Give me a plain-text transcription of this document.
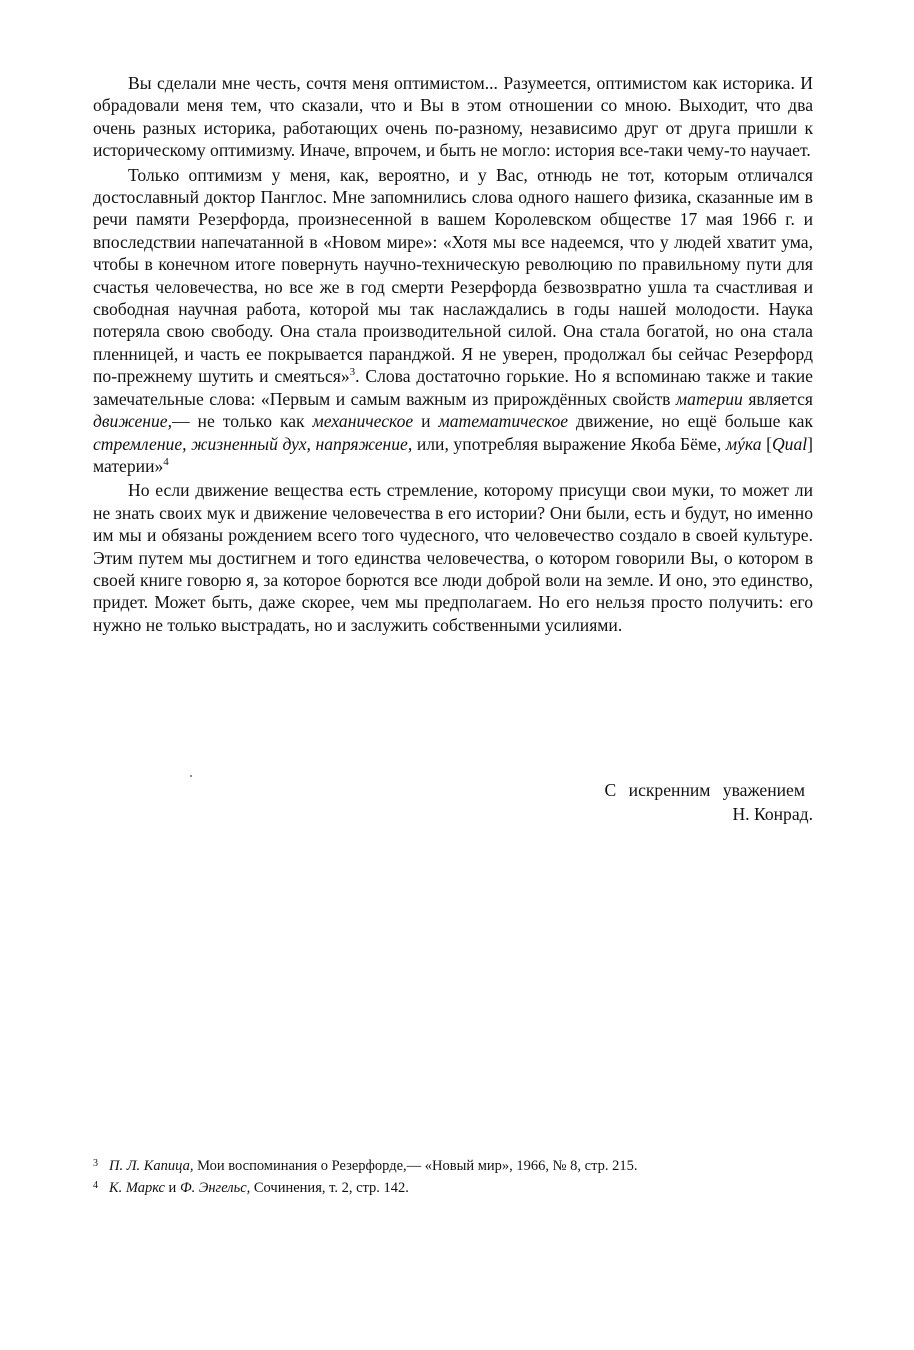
Вы сделали мне честь, сочтя меня оптимистом... Разумеется, оптимистом как историка. И обрадовали меня тем, что сказали, что и Вы в этом отношении со мною. Выходит, что два очень разных историка, работающих очень по-разному, независимо друг от друга пришли к историческому оптимизму. Иначе, впрочем, и быть не могло: история все-таки чему-то научает.

Только оптимизм у меня, как, вероятно, и у Вас, отнюдь не тот, которым отличался достославный доктор Панглос. Мне запомнились слова одного нашего физика, сказанные им в речи памяти Резерфорда, произнесенной в вашем Королевском обществе 17 мая 1966 г. и впоследствии напечатанной в «Новом мире»: «Хотя мы все надеемся, что у людей хватит ума, чтобы в конечном итоге повернуть научно-техническую революцию по правильному пути для счастья человечества, но все же в год смерти Резерфорда безвозвратно ушла та счастливая и свободная научная работа, которой мы так наслаждались в годы нашей молодости. Наука потеряла свою свободу. Она стала производительной силой. Она стала богатой, но она стала пленницей, и часть ее покрывается паранджой. Я не уверен, продолжал бы сейчас Резерфорд по-прежнему шутить и смеяться»$^3$. Слова достаточно горькие. Но я вспоминаю также и такие замечательные слова: «Первым и самым важным из прирождённых свойств материи является движение,— не только как механическое и математическое движение, но ещё больше как стремление, жизненный дух, напряжение, или, употребляя выражение Якоба Бёме, мýка [Qual] материи»$^4$

Но если движение вещества есть стремление, которому присущи свои муки, то может ли не знать своих мук и движение человечества в его истории? Они были, есть и будут, но именно им мы и обязаны рождением всего того чудесного, что человечество создало в своей культуре. Этим путем мы достигнем и того единства человечества, о котором говорили Вы, о котором в своей книге говорю я, за которое борются все люди доброй воли на земле. И оно, это единство, придет. Может быть, даже скорее, чем мы предполагаем. Но его нельзя просто получить: его нужно не только выстрадать, но и заслужить собственными усилиями.

С искренним уважением
Н. Конрад.

3 П. Л. Капица, Мои воспоминания о Резерфорде,— «Новый мир», 1966, № 8, стр. 215.

4 К. Маркс и Ф. Энгельс, Сочинения, т. 2, стр. 142.
